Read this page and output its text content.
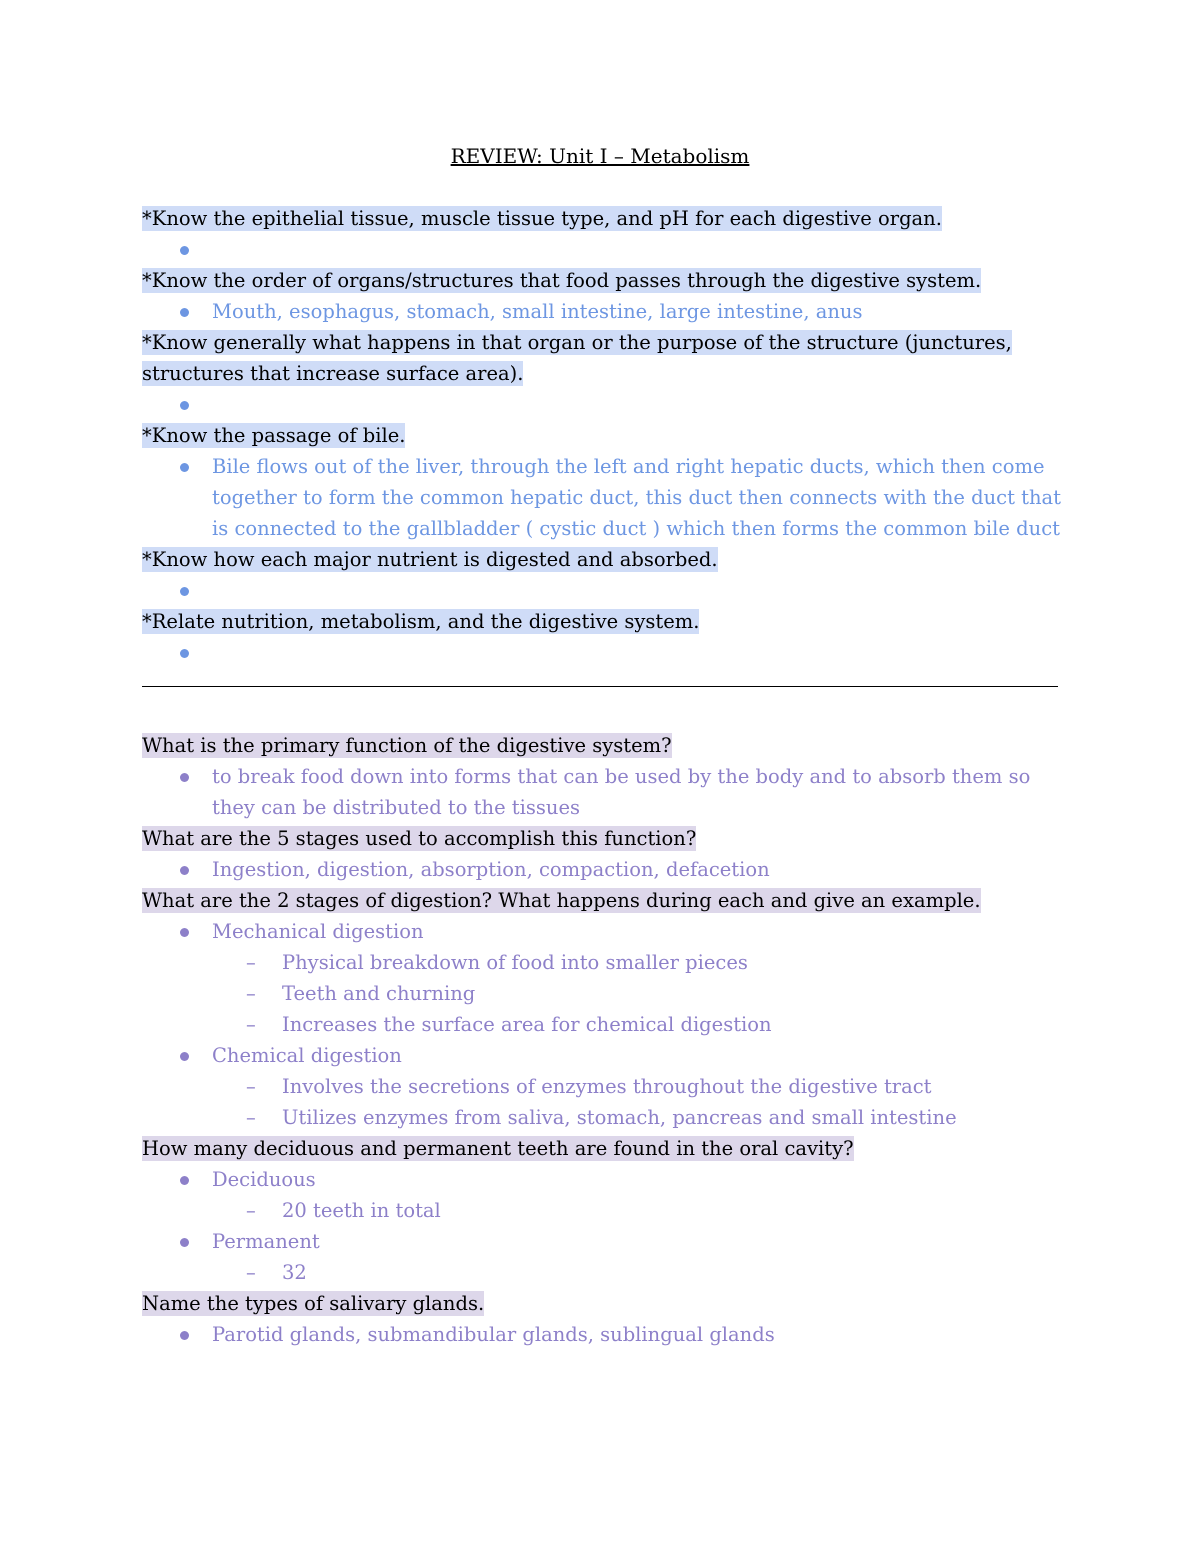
REVIEW: Unit I – Metabolism

*Know the epithelial tissue, muscle tissue type, and pH for each digestive organ.

*Know the order of organs/structures that food passes through the digestive system.

Mouth, esophagus, stomach, small intestine, large intestine, anus

*Know generally what happens in that organ or the purpose of the structure (junctures, structures that increase surface area).

*Know the passage of bile.

Bile flows out of the liver, through the left and right hepatic ducts, which then come together to form the common hepatic duct, this duct then connects with the duct that is connected to the gallbladder ( cystic duct ) which then forms the common bile duct

*Know how each major nutrient is digested and absorbed.

*Relate nutrition, metabolism, and the digestive system.

What is the primary function of the digestive system?

to break food down into forms that can be used by the body and to absorb them so they can be distributed to the tissues

What are the 5 stages used to accomplish this function?

Ingestion, digestion, absorption, compaction, defacetion

What are the 2 stages of digestion? What happens during each and give an example.

Mechanical digestion
– Physical breakdown of food into smaller pieces
– Teeth and churning
– Increases the surface area for chemical digestion
Chemical digestion
– Involves the secretions of enzymes throughout the digestive tract
– Utilizes enzymes from saliva, stomach, pancreas and small intestine

How many deciduous and permanent teeth are found in the oral cavity?

Deciduous
– 20 teeth in total
Permanent
– 32

Name the types of salivary glands.

Parotid glands, submandibular glands, sublingual glands
